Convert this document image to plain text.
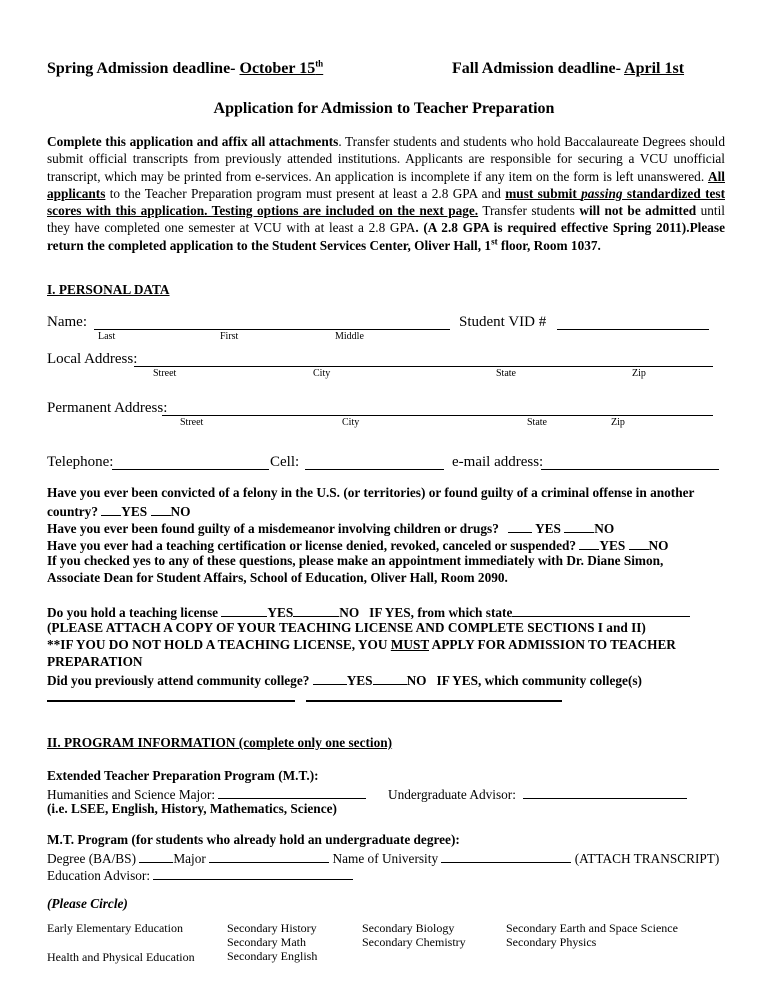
Spring Admission deadline- October 15th	Fall Admission deadline- April 1st
Application for Admission to Teacher Preparation
Complete this application and affix all attachments. Transfer students and students who hold Baccalaureate Degrees should submit official transcripts from previously attended institutions. Applicants are responsible for securing a VCU unofficial transcript, which may be printed from e-services. An application is incomplete if any item on the form is left unanswered. All applicants to the Teacher Preparation program must present at least a 2.8 GPA and must submit passing standardized test scores with this application. Testing options are included on the next page. Transfer students will not be admitted until they have completed one semester at VCU with at least a 2.8 GPA. (A 2.8 GPA is required effective Spring 2011).Please return the completed application to the Student Services Center, Oliver Hall, 1st floor, Room 1037.
I. PERSONAL DATA
Name:	Student VID #
Last	First	Middle
Local Address:
Street	City	State	Zip
Permanent Address:
Street	City	State	Zip
Telephone:	Cell:	e-mail address:
Have you ever been convicted of a felony in the U.S. (or territories) or found guilty of a criminal offense in another
country? YES NO
Have you ever been found guilty of a misdemeanor involving children or drugs?	YES	NO
Have you ever had a teaching certification or license denied, revoked, canceled or suspended? YES NO
If you checked yes to any of these questions, please make an appointment immediately with Dr. Diane Simon,
Associate Dean for Student Affairs, School of Education, Oliver Hall, Room 2090.
Do you hold a teaching license	YES	NO IF YES, from which state
(PLEASE ATTACH A COPY OF YOUR TEACHING LICENSE AND COMPLETE SECTIONS I and II)
**IF YOU DO NOT HOLD A TEACHING LICENSE, YOU MUST APPLY FOR ADMISSION TO TEACHER
PREPARATION
Did you previously attend community college?	YES	NO IF YES, which community college(s)
II. PROGRAM INFORMATION (complete only one section)
Extended Teacher Preparation Program (M.T.):
Humanities and Science Major:	Undergraduate Advisor:
(i.e. LSEE, English, History, Mathematics, Science)
M.T. Program (for students who already hold an undergraduate degree):
Degree (BA/BS)	Major	Name of University	(ATTACH TRANSCRIPT)
Education Advisor:
(Please Circle)
Early Elementary Education
Health and Physical Education
Secondary History
Secondary Math
Secondary English
Secondary Biology
Secondary Chemistry
Secondary Earth and Space Science
Secondary Physics
